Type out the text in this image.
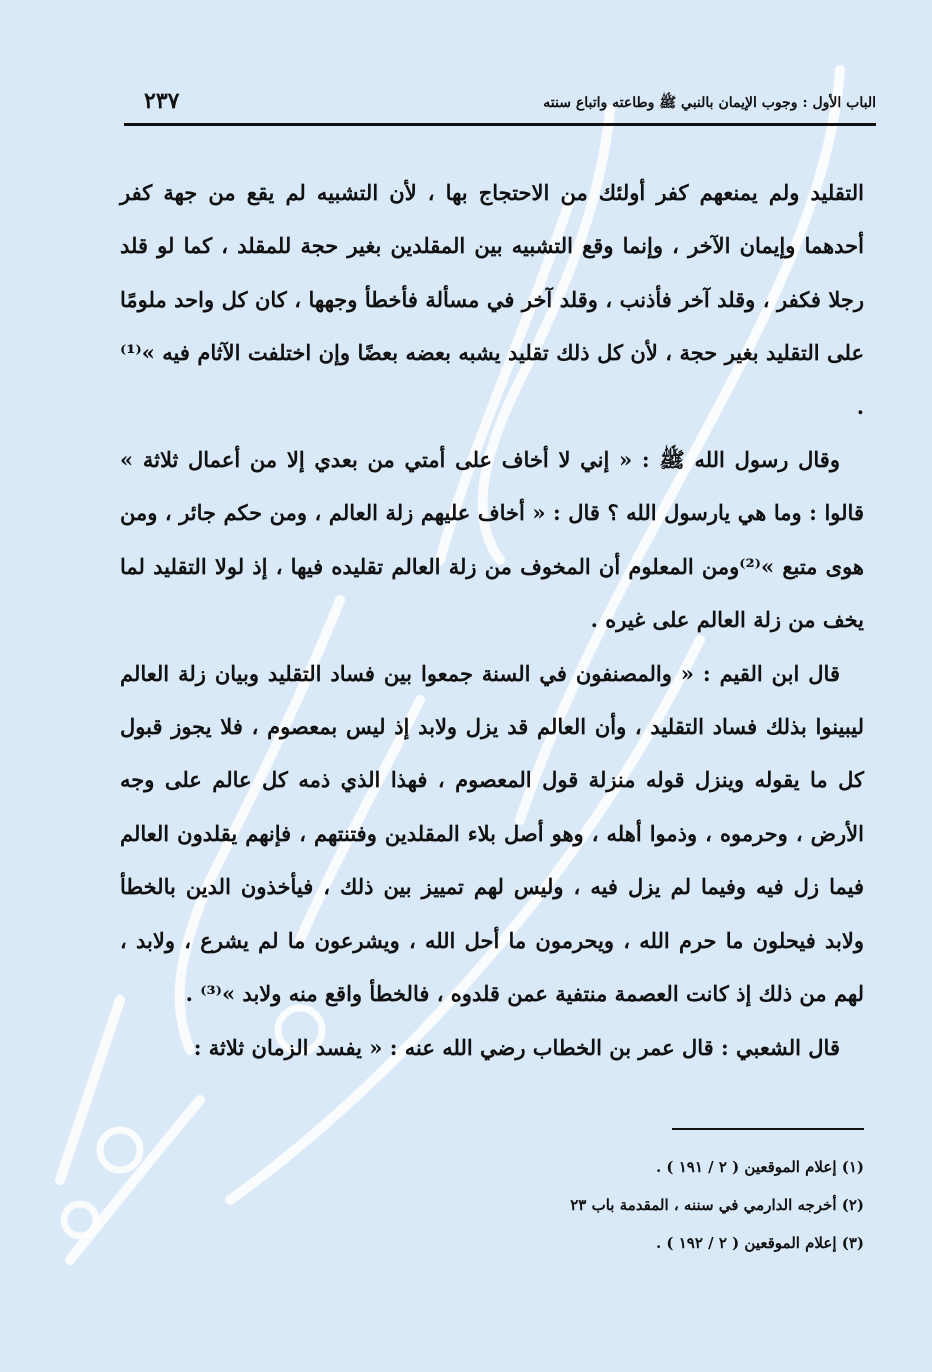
الباب الأول : وجوب الإيمان بالنبي ﷺ وطاعته واتباع سنته
٢٣٧

التقليد ولم يمنعهم كفر أولئك من الاحتجاج بها ، لأن التشبيه لم يقع من جهة كفر أحدهما وإيمان الآخر ، وإنما وقع التشبيه بين المقلدين بغير حجة للمقلد ، كما لو قلد رجلا فكفر ، وقلد آخر فأذنب ، وقلد آخر في مسألة فأخطأ وجهها ، كان كل واحد ملومًا على التقليد بغير حجة ، لأن كل ذلك تقليد يشبه بعضه بعضًا وإن اختلفت الآثام فيه »⁽¹⁾ .

وقال رسول الله ﷺ : « إني لا أخاف على أمتي من بعدي إلا من أعمال ثلاثة » قالوا : وما هي يارسول الله ؟ قال : « أخاف عليهم زلة العالم ، ومن حكم جائر ، ومن هوى متبع »⁽²⁾ومن المعلوم أن المخوف من زلة العالم تقليده فيها ، إذ لولا التقليد لما يخف من زلة العالم على غيره .

قال ابن القيم : « والمصنفون في السنة جمعوا بين فساد التقليد وبيان زلة العالم ليبينوا بذلك فساد التقليد ، وأن العالم قد يزل ولابد إذ ليس بمعصوم ، فلا يجوز قبول كل ما يقوله وينزل قوله منزلة قول المعصوم ، فهذا الذي ذمه كل عالم على وجه الأرض ، وحرموه ، وذموا أهله ، وهو أصل بلاء المقلدين وفتنتهم ، فإنهم يقلدون العالم فيما زل فيه وفيما لم يزل فيه ، وليس لهم تمييز بين ذلك ، فيأخذون الدين بالخطأ ولابد فيحلون ما حرم الله ، ويحرمون ما أحل الله ، ويشرعون ما لم يشرع ، ولابد ، لهم من ذلك إذ كانت العصمة منتفية عمن قلدوه ، فالخطأ واقع منه ولابد »⁽³⁾ .

قال الشعبي : قال عمر بن الخطاب رضي الله عنه : « يفسد الزمان ثلاثة :

(١) إعلام الموقعين ( ٢ / ١٩١ ) .
(٢) أخرجه الدارمي في سننه ، المقدمة باب ٢٣
(٣) إعلام الموقعين ( ٢ / ١٩٢ ) .
